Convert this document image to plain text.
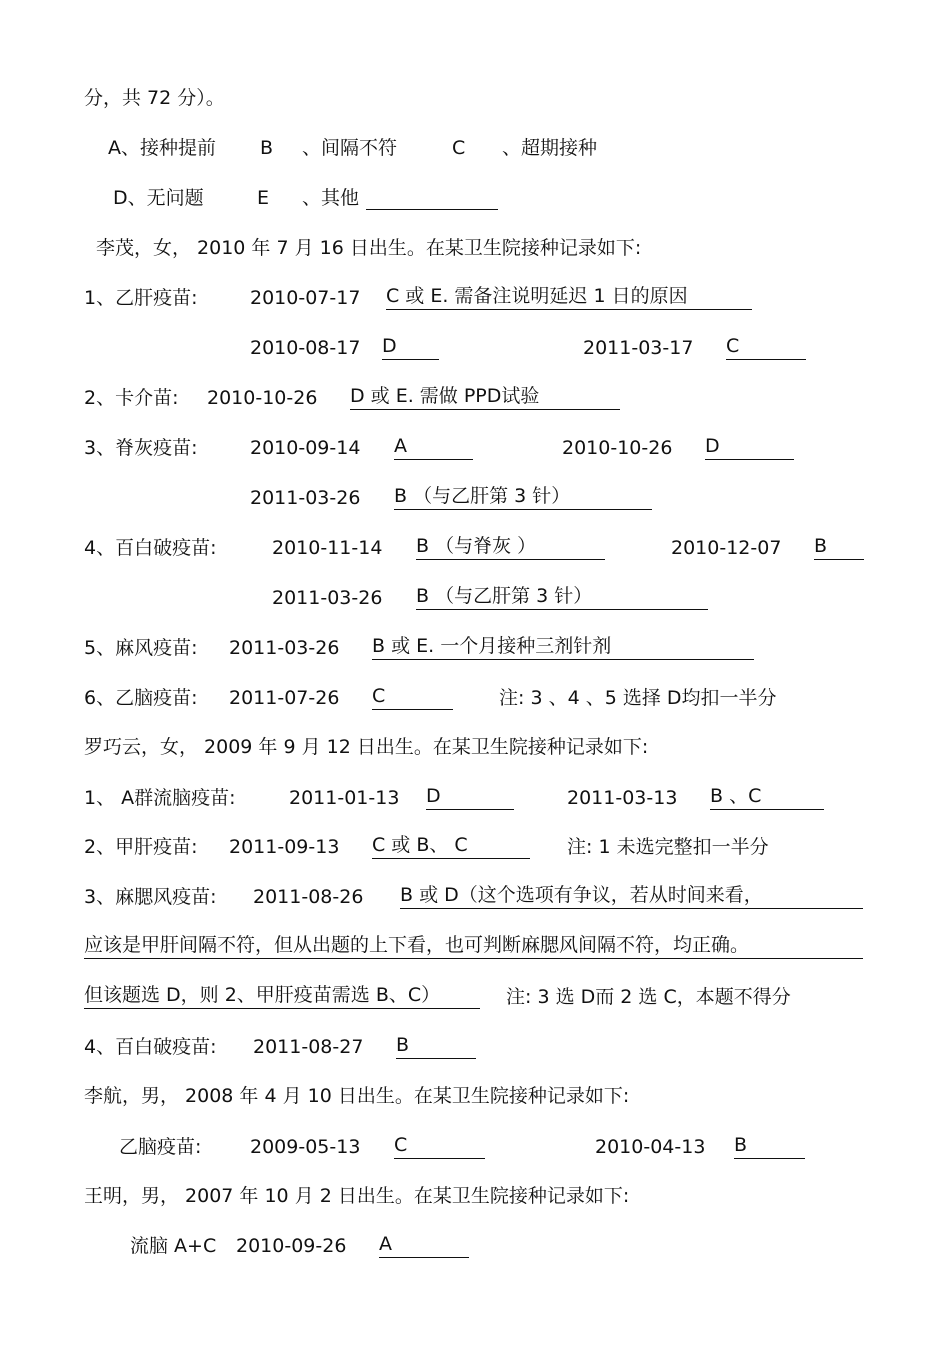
分，共 72 分）。
A、接种提前 B 、间隔不符	C 、超期接种
D、无问题	E 、其他
李茂，女， 2010 年 7 月 16 日出生。在某卫生院接种记录如下:
1、乙肝疫苗:	2010-07-17 C 或 E. 需备注说明延迟 1 日的原因
2010-08-17 D	2011-03-17 C
2、卡介苗: 2010-10-26 D 或 E. 需做 PPD试验
3、脊灰疫苗:	2010-09-14 A	2010-10-26 D
2011-03-26 B （与乙肝第 3 针）
4、百白破疫苗:	2010-11-14 B （与脊灰 ）	2010-12-07 B
2011-03-26 B （与乙肝第 3 针）
5、麻风疫苗: 2011-03-26 B 或 E. 一个月接种三剂针剂
6、乙脑疫苗: 2011-07-26 C	注: 3 、4 、5 选择 D均扣一半分
罗巧云，女， 2009 年 9 月 12 日出生。在某卫生院接种记录如下:
1、 A群流脑疫苗:	2011-01-13 D	2011-03-13 B 、C
2、甲肝疫苗: 2011-09-13 C 或 B、 C	注: 1 未选完整扣一半分
3、麻腮风疫苗: 2011-08-26 B 或 D（这个选项有争议，若从时间来看，
应该是甲肝间隔不符，但从出题的上下看，也可判断麻腮风间隔不符，均正确。
但该题选 D，则 2、甲肝疫苗需选 B、C）	注: 3 选 D而 2 选 C，本题不得分
4、百白破疫苗: 2011-08-27 B
李航，男， 2008 年 4 月 10 日出生。在某卫生院接种记录如下:
乙脑疫苗:	2009-05-13 C	2010-04-13 B
王明，男， 2007 年 10 月 2 日出生。在某卫生院接种记录如下:
流脑 A+C 2010-09-26 A
